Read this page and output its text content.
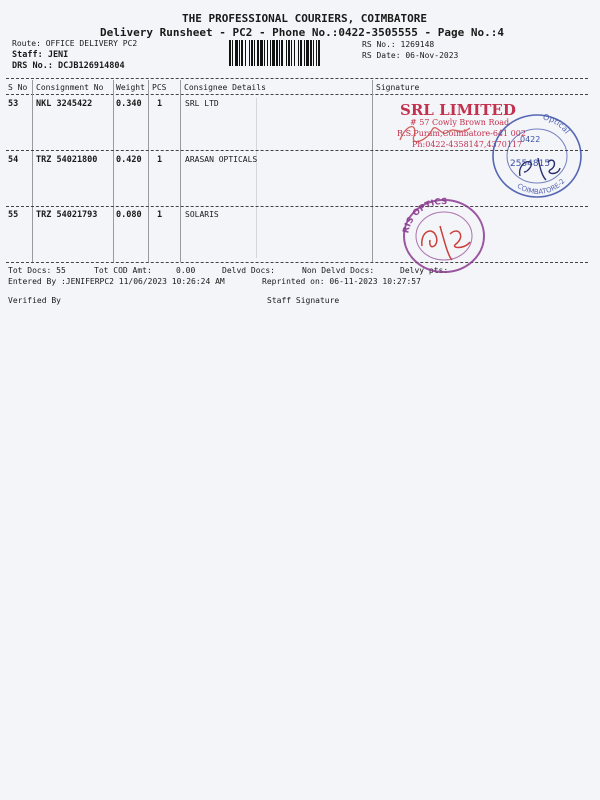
THE PROFESSIONAL COURIERS, COIMBATORE
Delivery Runsheet - PC2 - Phone No.:0422-3505555 - Page No.:4
Route: OFFICE DELIVERY PC2
Staff: JENI
DRS No.: DCJB126914804
RS No.: 1269148
RS Date: 06-Nov-2023
S No Consignment No Weight PCS Consignee Details	Signature
53 NKL 3245422	0.340 1	SRL LTD
54 TRZ 54021800 0.420 1	ARASAN OPTICALS
55 TRZ 54021793 0.080 1	SOLARIS
Tot Docs: 55	Tot COD Amt:	0.00	Delvd Docs:	Non Delvd Docs:	Delvy pts:
Entered By :JENIFERPC2 11/06/2023 10:26:24 AM	Reprinted on: 06-11-2023 10:27:57
Verified By	Staff Signature
SRL LIMITED
# 57 Cowly Brown Road
R.S.Puram,Coimbatore-641 002
Ph:0422-4358147,4370117
Optical
COIMBATORE-2
0422
2554815
RIS OPTICS
